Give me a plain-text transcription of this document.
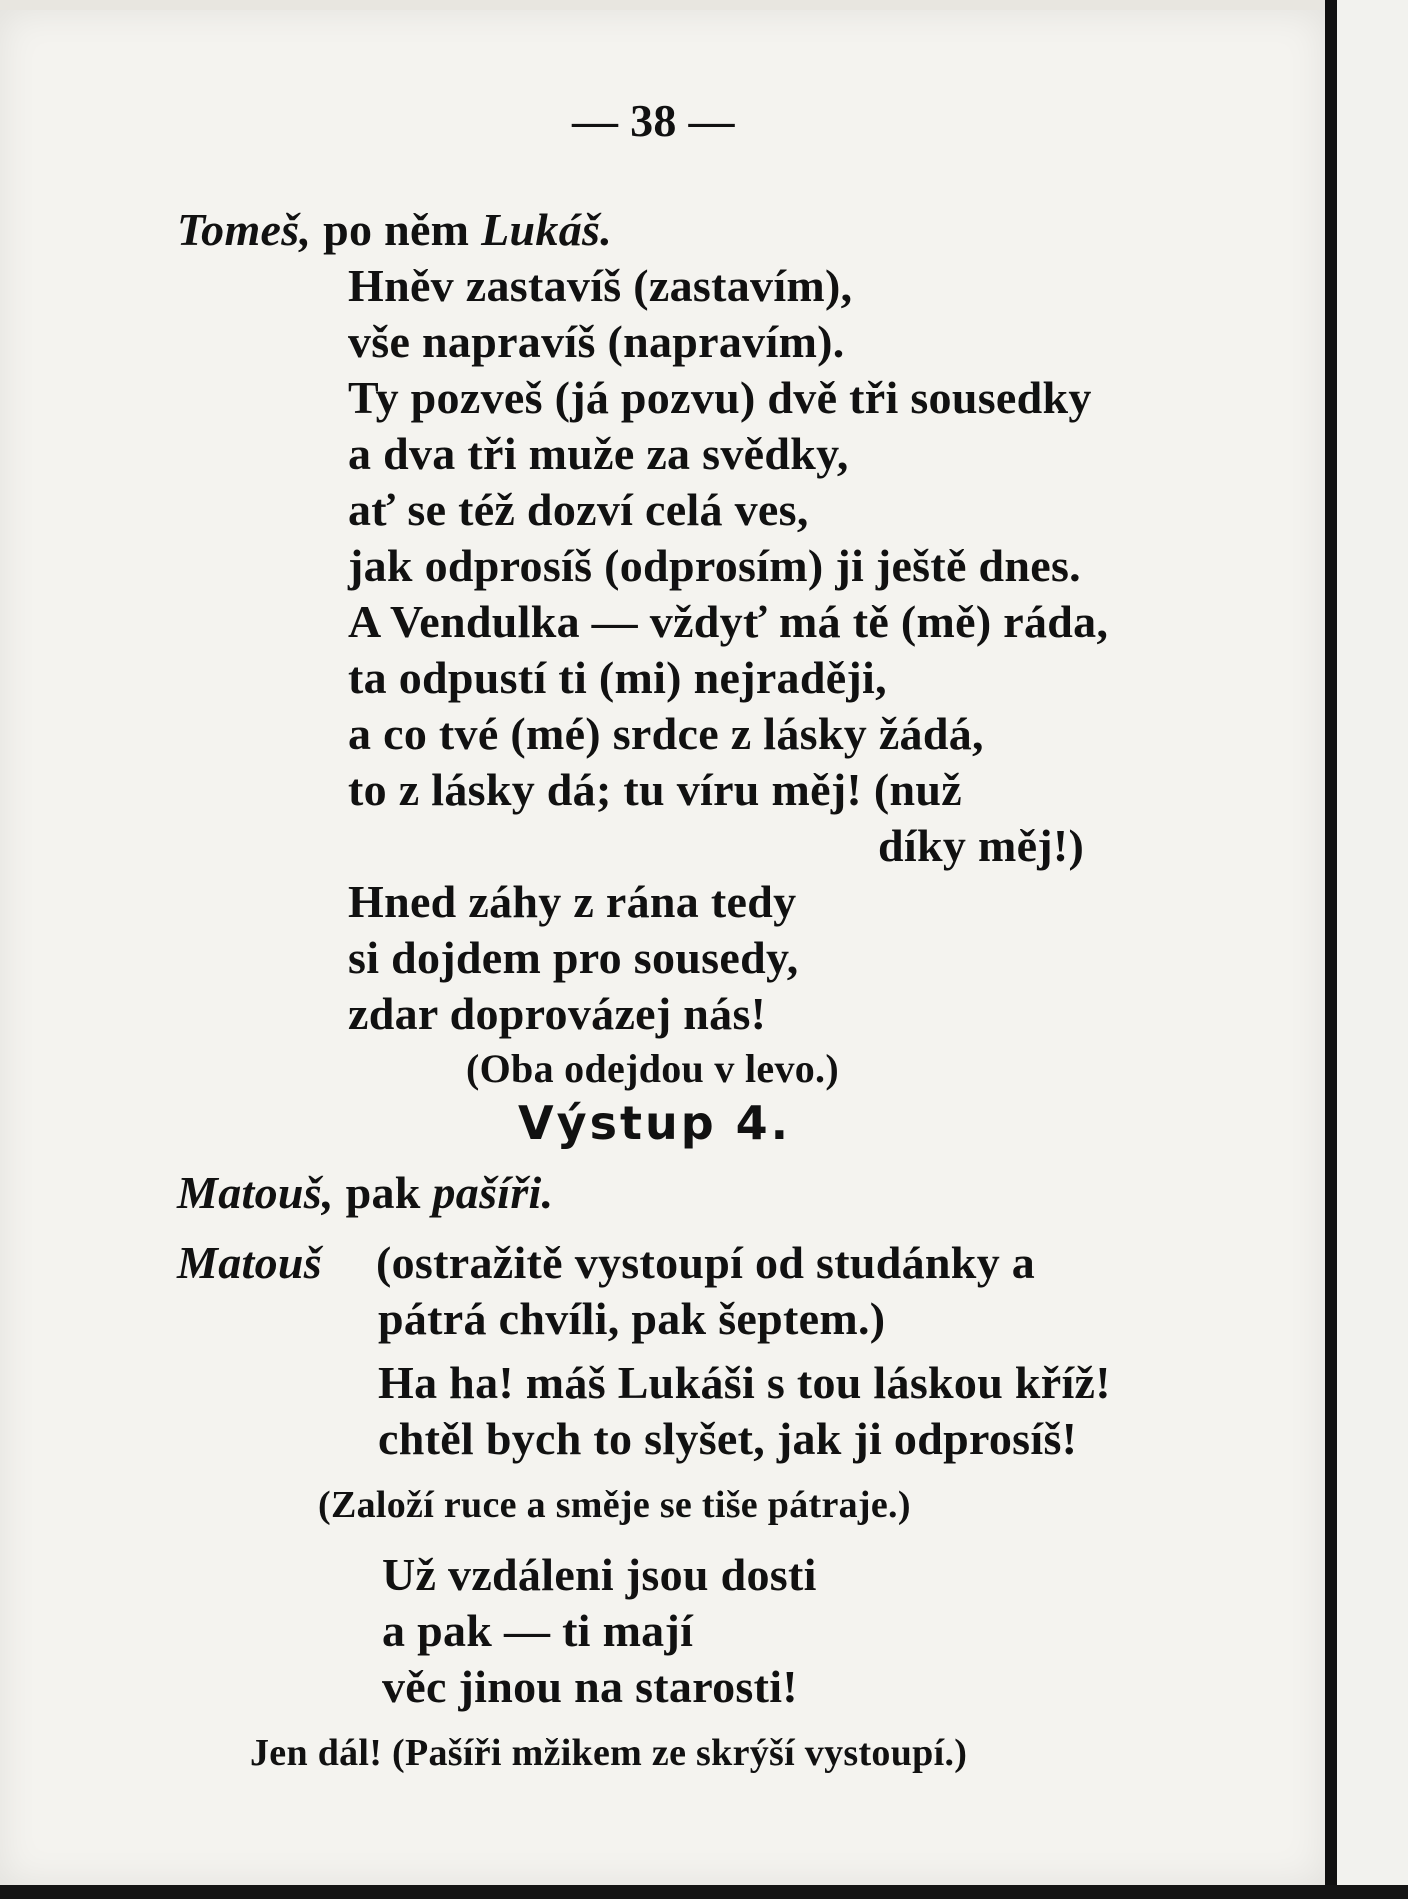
— 38 —
Tomeš, po něm Lukáš.
Hněv zastavíš (zastavím),
vše napravíš (napravím).
Ty pozveš (já pozvu) dvě tři sousedky
a dva tři muže za svědky,
ať se též dozví celá ves,
jak odprosíš (odprosím) ji ještě dnes.
A Vendulka — vždyť má tě (mě) ráda,
ta odpustí ti (mi) nejraději,
a co tvé (mé) srdce z lásky žádá,
to z lásky dá; tu víru měj! (nuž
díky měj!)
Hned záhy z rána tedy
si dojdem pro sousedy,
zdar doprovázej nás!
(Oba odejdou v levo.)
Výstup 4.
Matouš, pak pašíři.
Matouš (ostražitě vystoupí od studánky a
pátrá chvíli, pak šeptem.)
Ha ha! máš Lukáši s tou láskou kříž!
chtěl bych to slyšet, jak ji odprosíš!
(Založí ruce a směje se tiše pátraje.)
Už vzdáleni jsou dosti
a pak — ti mají
věc jinou na starosti!
Jen dál! (Pašíři mžikem ze skrýší vystoupí.)
